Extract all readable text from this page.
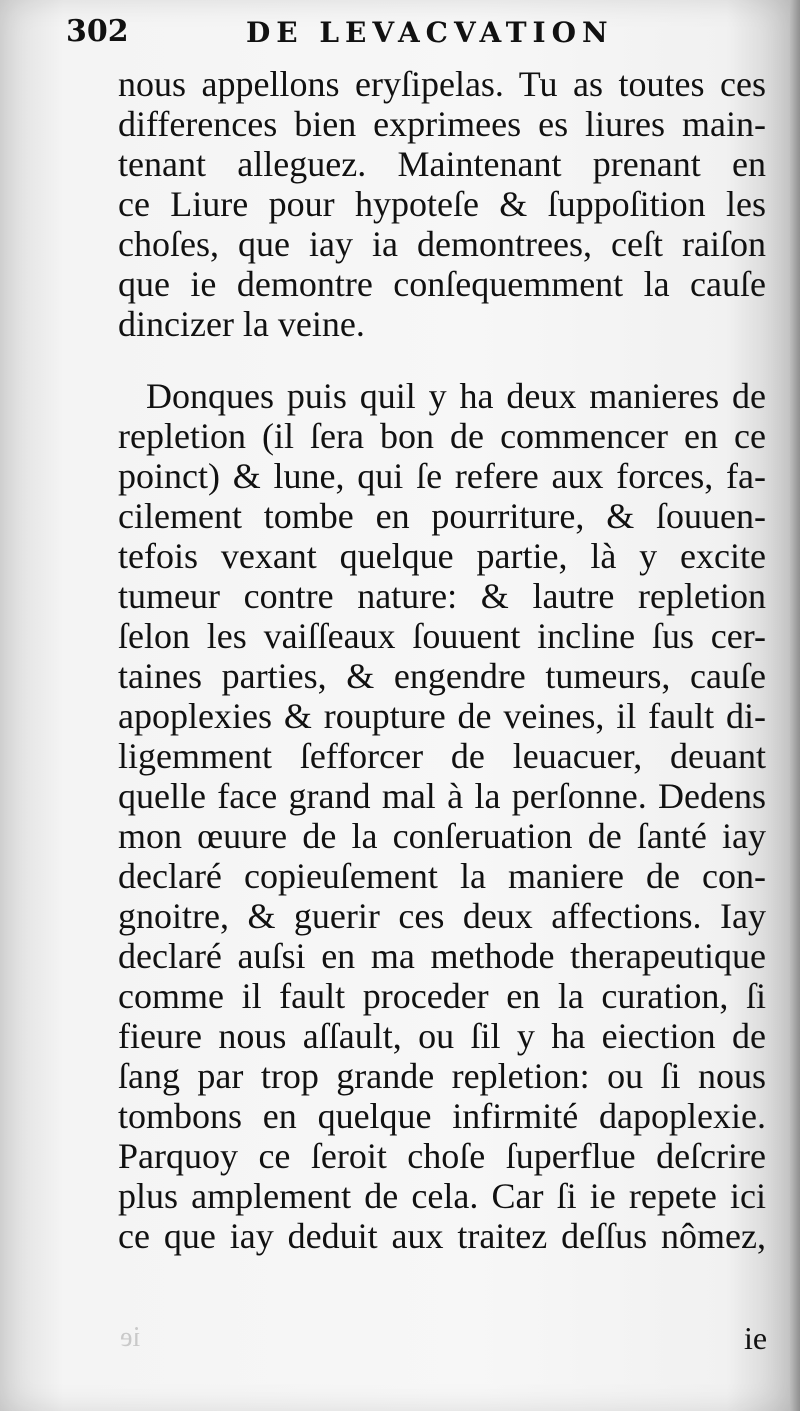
302	DE LEVACVATION
nous appellons eryſipelas. Tu as toutes ces
differences bien exprimees es liures main-
tenant alleguez. Maintenant prenant en
ce Liure pour hypoteſe & ſuppoſition les
choſes, que iay ia demontrees, ceſt raiſon
que ie demontre conſequemment la cauſe
dincizer la veine.
Donques puis quil y ha deux manieres de
repletion (il ſera bon de commencer en ce
poinct) & lune, qui ſe refere aux forces, fa-
cilement tombe en pourriture, & ſouuen-
tefois vexant quelque partie, là y excite
tumeur contre nature: & lautre repletion
ſelon les vaiſſeaux ſouuent incline ſus cer-
taines parties, & engendre tumeurs, cauſe
apoplexies & roupture de veines, il fault di-
ligemment ſefforcer de leuacuer, deuant
quelle face grand mal à la perſonne. Dedens
mon œuure de la conſeruation de ſanté iay
declaré copieuſement la maniere de con-
gnoitre, & guerir ces deux affections. Iay
declaré auſsi en ma methode therapeutique
comme il fault proceder en la curation, ſi
fieure nous aſſault, ou ſil y ha eiection de
ſang par trop grande repletion: ou ſi nous
tombons en quelque infirmité dapoplexie.
Parquoy ce ſeroit choſe ſuperflue deſcrire
plus amplement de cela. Car ſi ie repete ici
ce que iay deduit aux traitez deſſus nômez,
ie	ie
